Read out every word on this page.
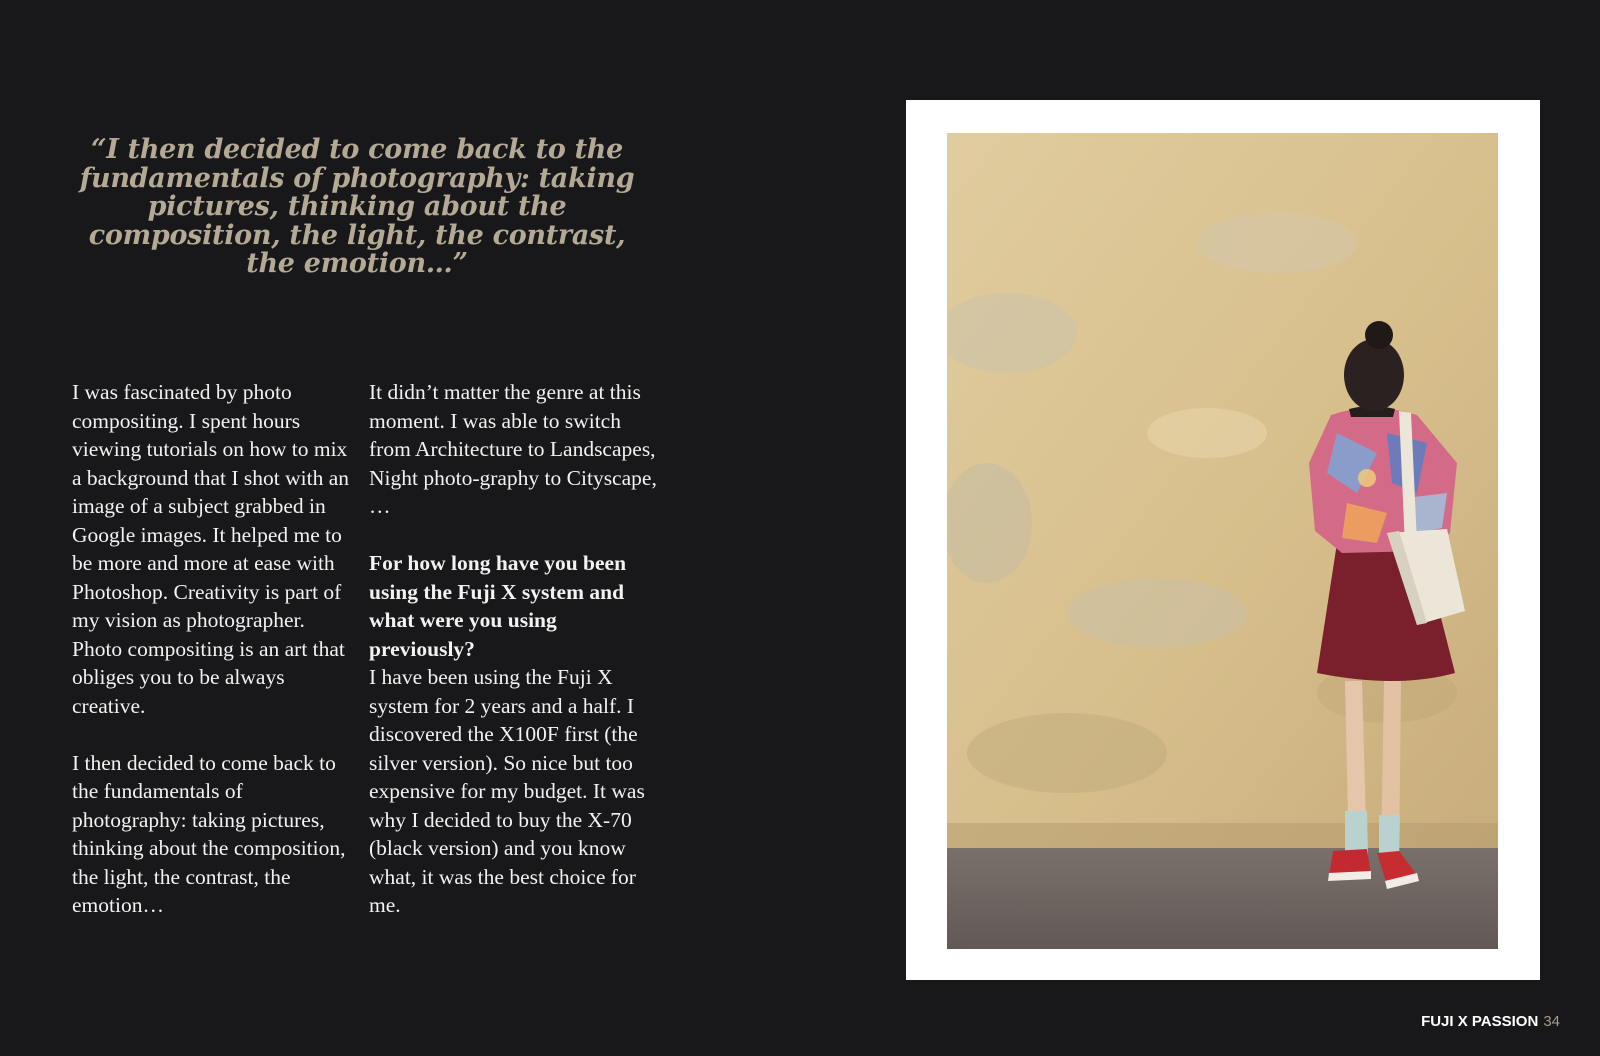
“I then decided to come back to the fundamentals of photography: taking pictures, thinking about the composition, the light, the contrast, the emotion…”

I was fascinated by photo compositing. I spent hours viewing tutorials on how to mix a background that I shot with an image of a subject grabbed in Google images. It helped me to be more and more at ease with Photoshop. Creativity is part of my vision as photographer. Photo compositing is an art that obliges you to be always creative.

I then decided to come back to the fundamentals of photography: taking pictures, thinking about the composition, the light, the contrast, the emotion…

It didn’t matter the genre at this moment. I was able to switch from Architecture to Landscapes, Night photo-graphy to Cityscape, …

For how long have you been using the Fuji X system and what were you using previously?

I have been using the Fuji X system for 2 years and a half. I discovered the X100F first (the silver version). So nice but too expensive for my budget. It was why I decided to buy the X-70 (black version) and you know what, it was the best choice for me.

FUJI X PASSION 34
